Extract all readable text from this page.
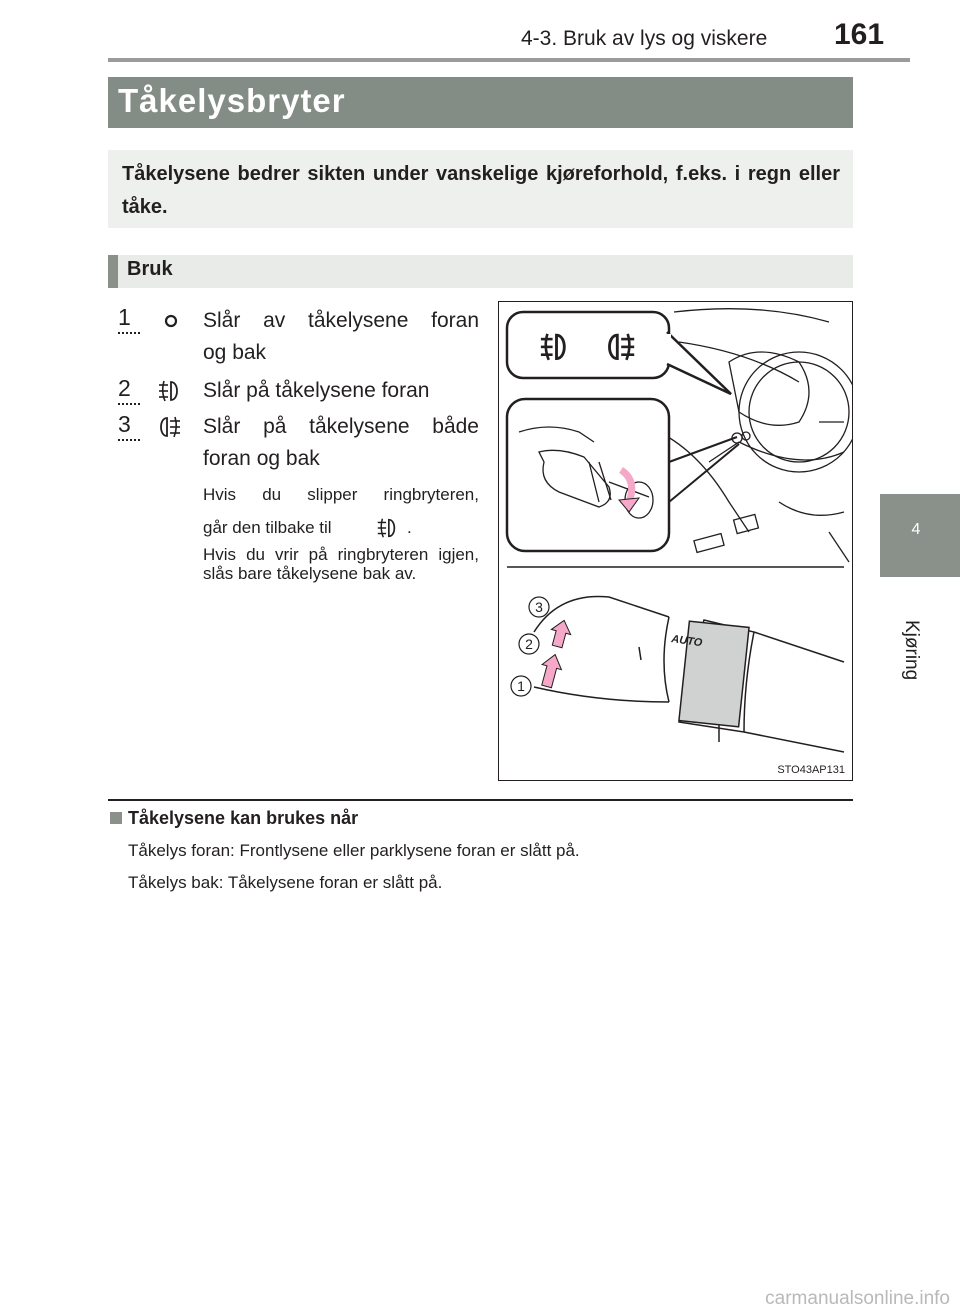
4-3. Bruk av lys og viskere 161
4
Kjøring
Tåkelysbryter
Tåkelysene bedrer sikten under vanskelige kjøreforhold, f.eks. i regn eller tåke.
Bruk
1	Slår av tåkelysene foran
og bak
2	Slår på tåkelysene foran
3	Slår på tåkelysene både
foran og bak
Hvis du slipper ringbryteren,
går den tilbake til	.
Hvis du vrir på ringbryteren igjen, slås bare tåkelysene bak av.
AUTO
3
2
1
STO43AP131
Tåkelysene kan brukes når
Tåkelys foran: Frontlysene eller parklysene foran er slått på.
Tåkelys bak: Tåkelysene foran er slått på.
carmanualsonline.info
